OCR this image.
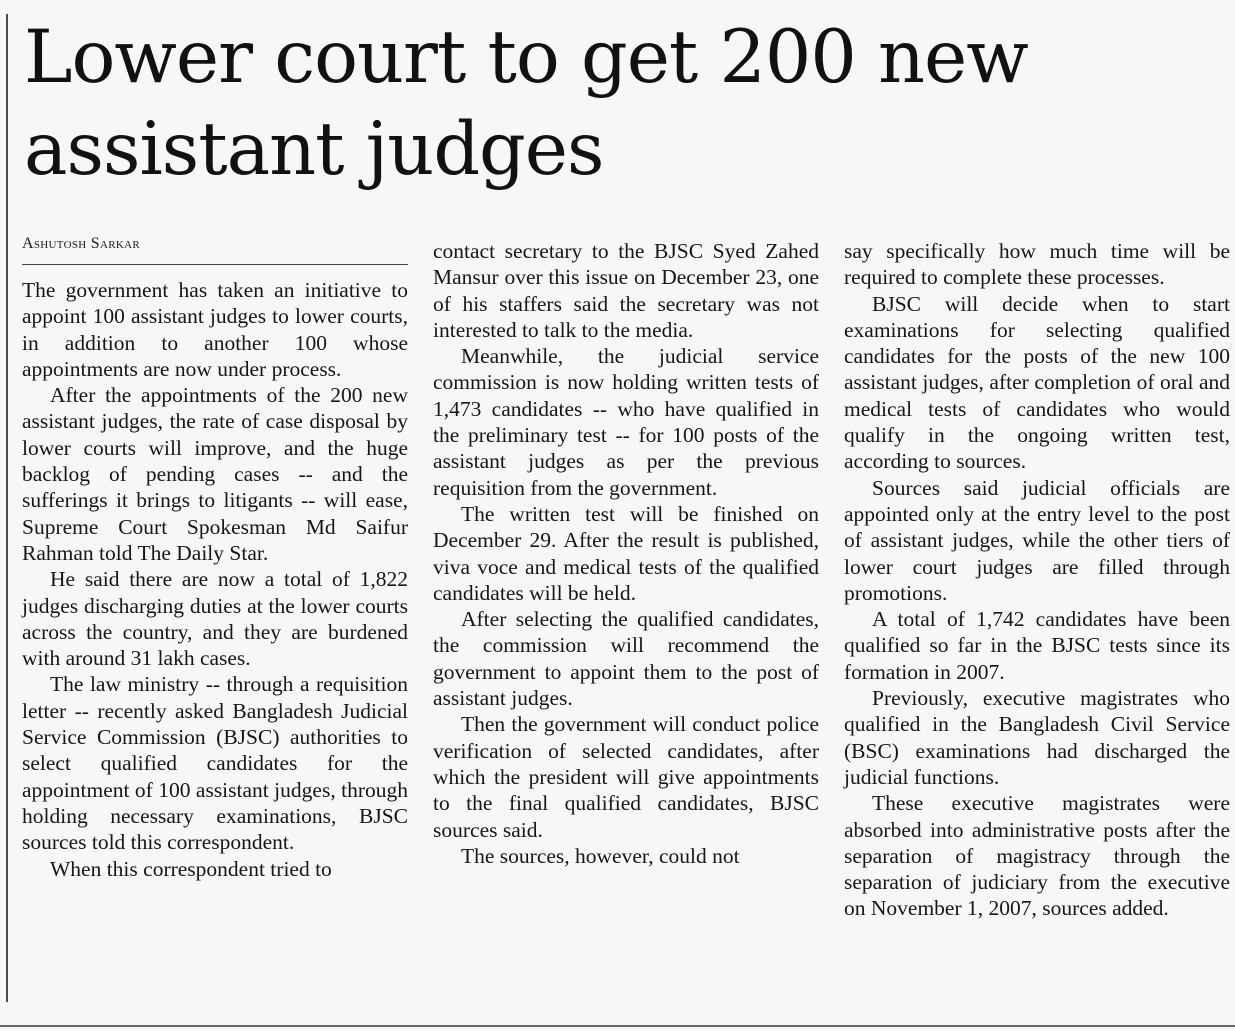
Lower court to get 200 new assistant judges
Ashutosh Sarkar

The government has taken an initiative to appoint 100 assistant judges to lower courts, in addition to another 100 whose appointments are now under process.

After the appointments of the 200 new assistant judges, the rate of case disposal by lower courts will improve, and the huge backlog of pending cases -- and the sufferings it brings to litigants -- will ease, Supreme Court Spokesman Md Saifur Rahman told The Daily Star.

He said there are now a total of 1,822 judges discharging duties at the lower courts across the country, and they are burdened with around 31 lakh cases.

The law ministry -- through a requisition letter -- recently asked Bangladesh Judicial Service Commission (BJSC) authorities to select qualified candidates for the appointment of 100 assistant judges, through holding necessary examinations, BJSC sources told this correspondent.

When this correspondent tried to

contact secretary to the BJSC Syed Zahed Mansur over this issue on December 23, one of his staffers said the secretary was not interested to talk to the media.

Meanwhile, the judicial service commission is now holding written tests of 1,473 candidates -- who have qualified in the preliminary test -- for 100 posts of the assistant judges as per the previous requisition from the government.

The written test will be finished on December 29. After the result is published, viva voce and medical tests of the qualified candidates will be held.

After selecting the qualified candidates, the commission will recommend the government to appoint them to the post of assistant judges.

Then the government will conduct police verification of selected candidates, after which the president will give appointments to the final qualified candidates, BJSC sources said.

The sources, however, could not

say specifically how much time will be required to complete these processes.

BJSC will decide when to start examinations for selecting qualified candidates for the posts of the new 100 assistant judges, after completion of oral and medical tests of candidates who would qualify in the ongoing written test, according to sources.

Sources said judicial officials are appointed only at the entry level to the post of assistant judges, while the other tiers of lower court judges are filled through promotions.

A total of 1,742 candidates have been qualified so far in the BJSC tests since its formation in 2007.

Previously, executive magistrates who qualified in the Bangladesh Civil Service (BSC) examinations had discharged the judicial functions.

These executive magistrates were absorbed into administrative posts after the separation of magistracy through the separation of judiciary from the executive on November 1, 2007, sources added.
